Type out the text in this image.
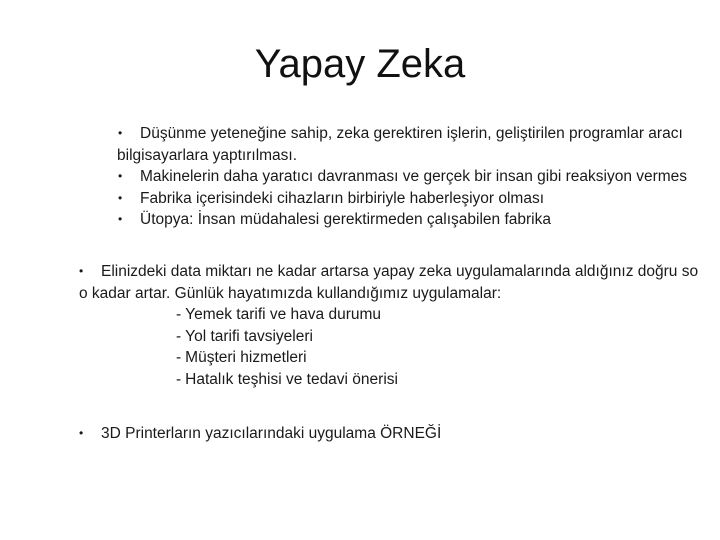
Yapay Zeka
• Düşünme yeteneğine sahip, zeka gerektiren işlerin, geliştirilen programlar aracı
bilgisayarlara yaptırılması.
• Makinelerin daha yaratıcı davranması ve gerçek bir insan gibi reaksiyon vermes
• Fabrika içerisindeki cihazların birbiriyle haberleşiyor olması
• Ütopya: İnsan müdahalesi gerektirmeden çalışabilen fabrika
• Elinizdeki data miktarı ne kadar artarsa yapay zeka uygulamalarında aldığınız doğru so
o kadar artar. Günlük hayatımızda kullandığımız uygulamalar:
- Yemek tarifi ve hava durumu
- Yol tarifi tavsiyeleri
- Müşteri hizmetleri
- Hatalık teşhisi ve tedavi önerisi
• 3D Printerların yazıcılarındaki uygulama ÖRNEĞİ
